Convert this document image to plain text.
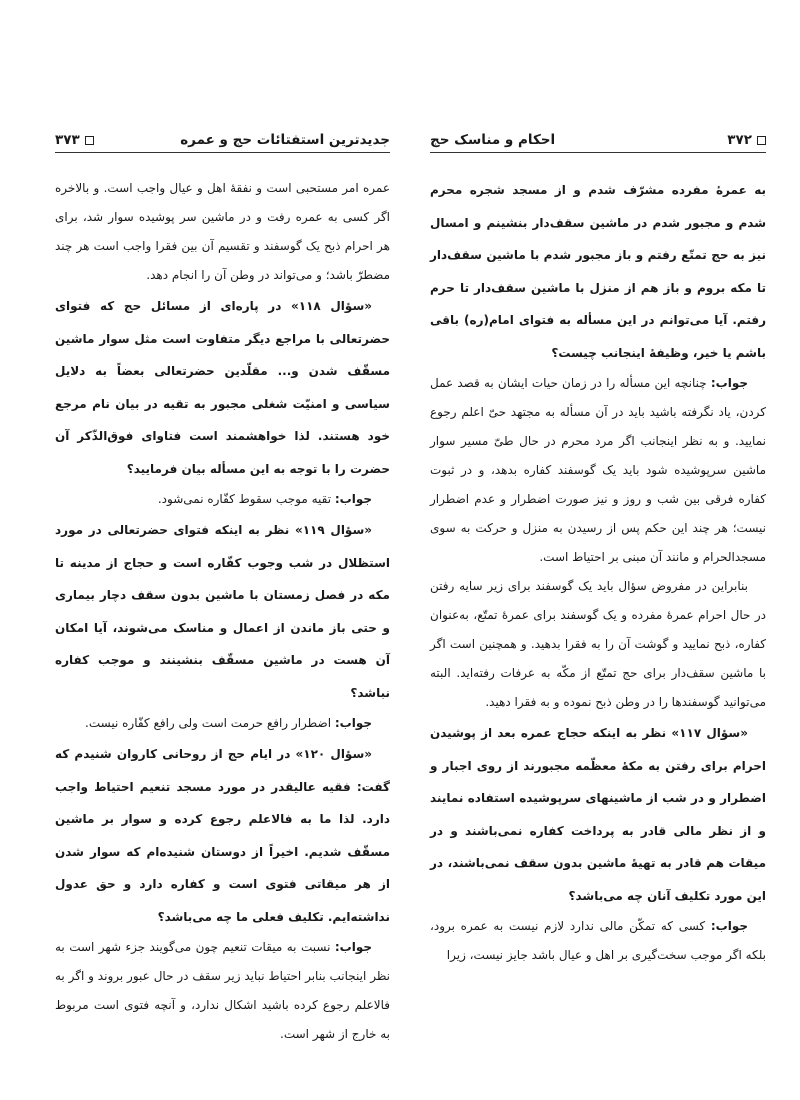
جدیدترین استفتائات حج و عمره
۳۷۳

عمره امر مستحبی است و نفقهٔ اهل و عیال واجب است. و بالاخره اگر کسی به عمره رفت و در ماشین سر پوشیده سوار شد، برای هر احرام ذبح یک گوسفند و تقسیم آن بین فقرا واجب است هر چند مضطرّ باشد؛ و می‌تواند در وطن آن را انجام دهد.

«سؤال ۱۱۸» در پاره‌ای از مسائل حج که فتوای حضرتعالی با مراجع دیگر متفاوت است مثل سوار ماشین مسقّف شدن و... مقلّدین حضرتعالی بعضاً به دلایل سیاسی و امنیّت شغلی مجبور به تقیه در بیان نام مرجع خود هستند. لذا خواهشمند است فتاوای فوق‌الذّکر آن حضرت را با توجه به این مسأله بیان فرمایید؟

جواب: تقیه موجب سقوط کفّاره نمی‌شود.

«سؤال ۱۱۹» نظر به اینکه فتوای حضرتعالی در مورد استظلال در شب وجوب کفّاره است و حجاج از مدینه تا مکه در فصل زمستان با ماشین بدون سقف دچار بیماری و حتی باز ماندن از اعمال و مناسک می‌شوند، آیا امکان آن هست در ماشین مسقّف بنشینند و موجب کفاره نباشد؟

جواب: اضطرار رافع حرمت است ولی رافع کفّاره نیست.

«سؤال ۱۲۰» در ایام حج از روحانی کاروان شنیدم که گفت: فقیه عالیقدر در مورد مسجد تنعیم احتیاط واجب دارد. لذا ما به فالاعلم رجوع کرده و سوار بر ماشین مسقّف شدیم. اخیراً از دوستان شنیده‌ام که سوار شدن از هر میقاتی فتوی است و کفاره دارد و حق عدول نداشته‌ایم. تکلیف فعلی ما چه می‌باشد؟

جواب: نسبت به میقات تنعیم چون می‌گویند جزء شهر است به نظر اینجانب بنابر احتیاط نباید زیر سقف در حال عبور بروند و اگر به فالاعلم رجوع کرده باشید اشکال ندارد، و آنچه فتوی است مربوط به خارج از شهر است.

۳۷۲
احکام و مناسک حج

به عمرهٔ مفرده مشرّف شدم و از مسجد شجره محرم شدم و مجبور شدم در ماشین سقف‌دار بنشینم و امسال نیز به حج تمتّع رفتم و باز مجبور شدم با ماشین سقف‌دار تا مکه بروم و باز هم از منزل با ماشین سقف‌دار تا حرم رفتم. آیا می‌توانم در این مسأله به فتوای امام(ره) باقی باشم یا خیر، وظیفهٔ اینجانب چیست؟

جواب: چنانچه این مسأله را در زمان حیات ایشان به قصد عمل کردن، یاد نگرفته باشید باید در آن مسأله به مجتهد حیّ اعلم رجوع نمایید. و به نظر اینجانب اگر مرد محرم در حال طیّ مسیر سوار ماشین سرپوشیده شود باید یک گوسفند کفاره بدهد، و در ثبوت کفاره فرقی بین شب و روز و نیز صورت اضطرار و عدم اضطرار نیست؛ هر چند این حکم پس از رسیدن به منزل و حرکت به سوی مسجدالحرام و مانند آن مبنی بر احتیاط است.

بنابراین در مفروض سؤال باید یک گوسفند برای زیر سایه رفتن در حال احرام عمرهٔ مفرده و یک گوسفند برای عمرهٔ تمتّع، به‌عنوان کفاره، ذبح نمایید و گوشت آن را به فقرا بدهید. و همچنین است اگر با ماشین سقف‌دار برای حج تمتّع از مکّه به عرفات رفته‌اید. البته می‌توانید گوسفندها را در وطن ذبح نموده و به فقرا دهید.

«سؤال ۱۱۷» نظر به اینکه حجاج عمره بعد از پوشیدن احرام برای رفتن به مکهٔ معظّمه مجبورند از روی اجبار و اضطرار و در شب از ماشینهای سرپوشیده استفاده نمایند و از نظر مالی قادر به پرداخت کفاره نمی‌باشند و در میقات هم قادر به تهیهٔ ماشین بدون سقف نمی‌باشند، در این مورد تکلیف آنان چه می‌باشد؟

جواب: کسی که تمکّن مالی ندارد لازم نیست به عمره برود، بلکه اگر موجب سخت‌گیری بر اهل و عیال باشد جایز نیست، زیرا
